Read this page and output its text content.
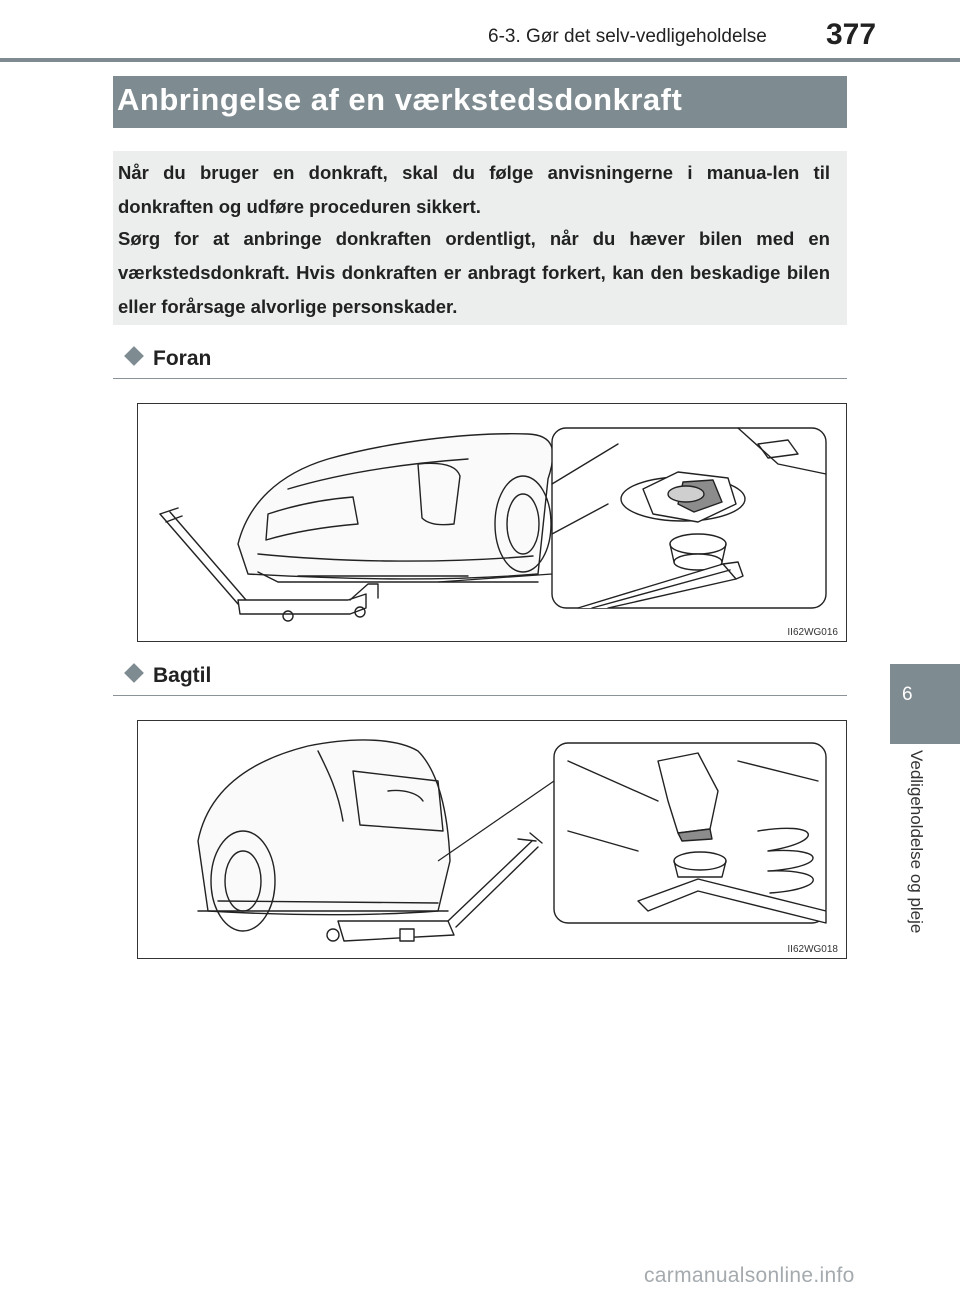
6-3. Gør det selv-vedligeholdelse 377
Anbringelse af en værkstedsdonkraft

Når du bruger en donkraft, skal du følge anvisningerne i manua-len til donkraften og udføre proceduren sikkert.

Sørg for at anbringe donkraften ordentligt, når du hæver bilen med en værkstedsdonkraft. Hvis donkraften er anbragt forkert, kan den beskadige bilen eller forårsage alvorlige personskader.

Foran
II62WG016
Bagtil
II62WG018
6
Vedligeholdelse og pleje
carmanualsonline.info
